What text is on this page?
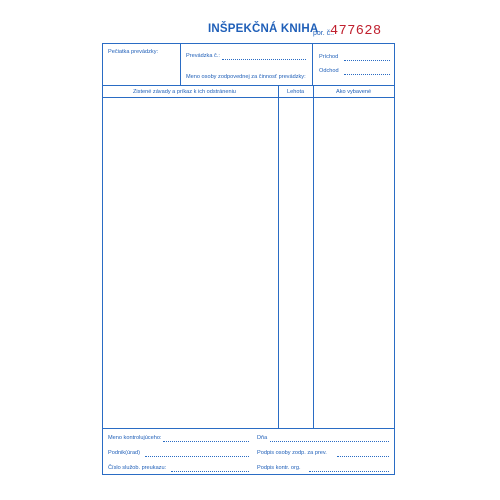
INŠPEKČNÁ KNIHA
por. č.:
477628
Pečiatka prevádzky:
Prevádzka č.:
Meno osoby zodpovednej za činnosť prevádzky:
Príchod
Odchod
Zistené závady a príkaz k ich odstráneniu	Lehota	Ako vybavené
Meno kontrolujúceho:
Podnik(úrad)
Číslo služob. preukazu:
Dňa
Podpis osoby zodp. za prev.
Podpis kontr. org.
